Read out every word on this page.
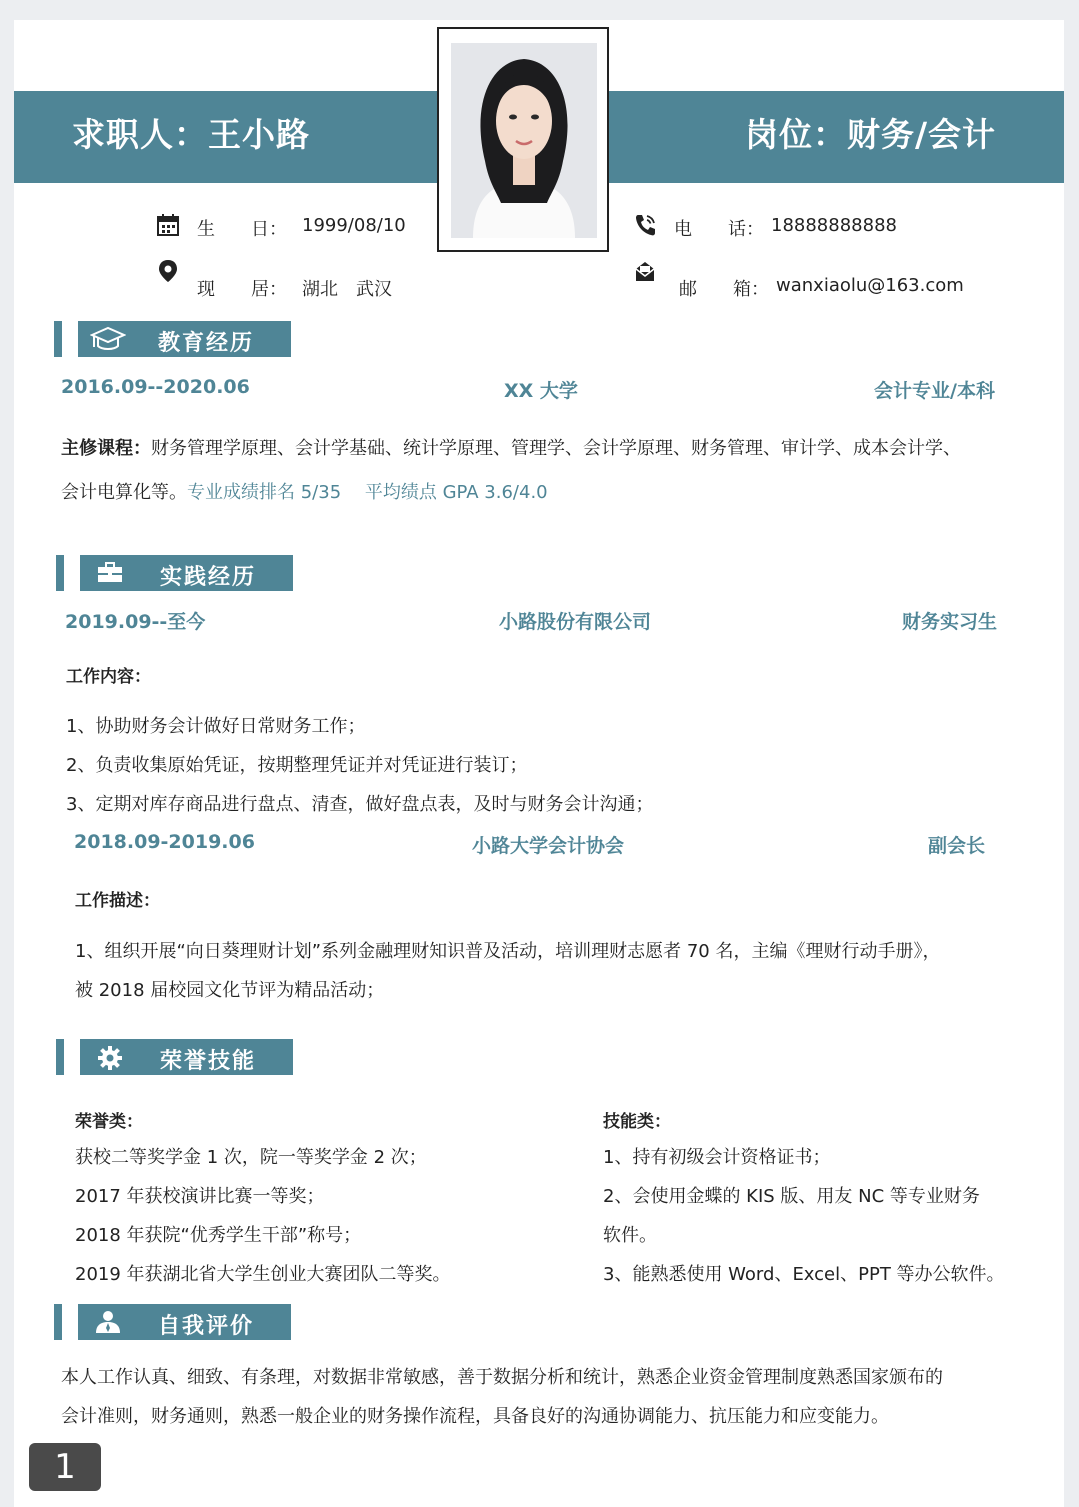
求职人：王小路	岗位：财务/会计
生　　日： 1999/08/10	电　　话： 18888888888
现　　居： 湖北　武汉	邮　　箱： wanxiaolu@163.com
教育经历
2016.09--2020.06	XX 大学	会计专业/本科
主修课程：财务管理学原理、会计学基础、统计学原理、管理学、会计学原理、财务管理、审计学、成本会计学、
会计电算化等。专业成绩排名 5/35　 平均绩点 GPA 3.6/4.0
实践经历
2019.09--至今	小路股份有限公司	财务实习生
工作内容：
1、协助财务会计做好日常财务工作；
2、负责收集原始凭证，按期整理凭证并对凭证进行装订；
3、定期对库存商品进行盘点、清查，做好盘点表，及时与财务会计沟通；
2018.09-2019.06	小路大学会计协会	副会长
工作描述：
1、组织开展“向日葵理财计划”系列金融理财知识普及活动，培训理财志愿者 70 名，主编《理财行动手册》，
被 2018 届校园文化节评为精品活动；
荣誉技能
荣誉类：
获校二等奖学金 1 次，院一等奖学金 2 次；
2017 年获校演讲比赛一等奖；
2018 年获院“优秀学生干部”称号；
2019 年获湖北省大学生创业大赛团队二等奖。
技能类：
1、持有初级会计资格证书；
2、会使用金蝶的 KIS 版、用友 NC 等专业财务
软件。
3、能熟悉使用 Word、Excel、PPT 等办公软件。
自我评价
本人工作认真、细致、有条理，对数据非常敏感，善于数据分析和统计，熟悉企业资金管理制度熟悉国家颁布的
会计准则，财务通则，熟悉一般企业的财务操作流程，具备良好的沟通协调能力、抗压能力和应变能力。
1
